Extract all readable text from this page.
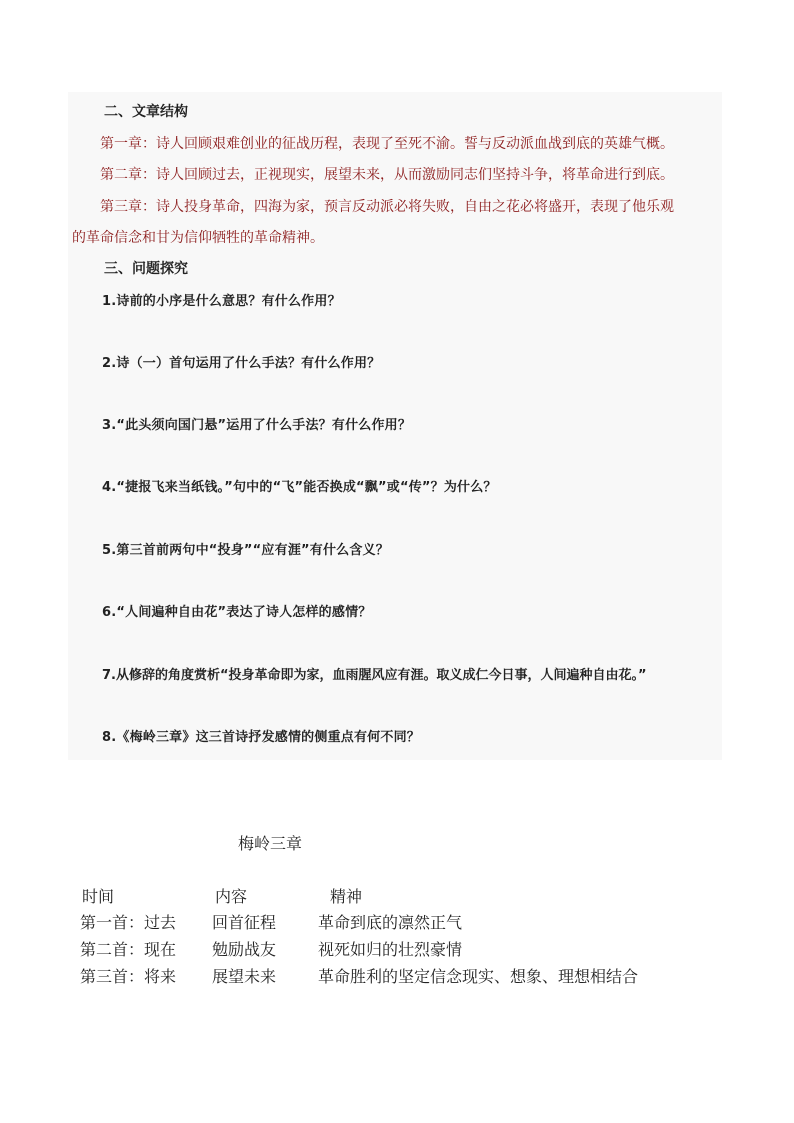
二、文章结构
第一章：诗人回顾艰难创业的征战历程，表现了至死不渝。誓与反动派血战到底的英雄气概。
第二章：诗人回顾过去，正视现实，展望未来，从而激励同志们坚持斗争，将革命进行到底。
第三章：诗人投身革命，四海为家，预言反动派必将失败，自由之花必将盛开，表现了他乐观
的革命信念和甘为信仰牺牲的革命精神。
三、问题探究
1.诗前的小序是什么意思？有什么作用？
2.诗（一）首句运用了什么手法？有什么作用？
3.“此头须向国门悬”运用了什么手法？有什么作用？
4.“捷报飞来当纸钱。”句中的“飞”能否换成“飘”或“传”？为什么？
5.第三首前两句中“投身”“应有涯”有什么含义？
6.“人间遍种自由花”表达了诗人怎样的感情？
7.从修辞的角度赏析“投身革命即为家，血雨腥风应有涯。取义成仁今日事，人间遍种自由花。”
8.《梅岭三章》这三首诗抒发感情的侧重点有何不同？
梅岭三章
时间	内容	精神
第一首：过去 回首征程	革命到底的凛然正气
第二首：现在 勉励战友	视死如归的壮烈豪情
第三首：将来 展望未来	革命胜利的坚定信念现实、想象、理想相结合
